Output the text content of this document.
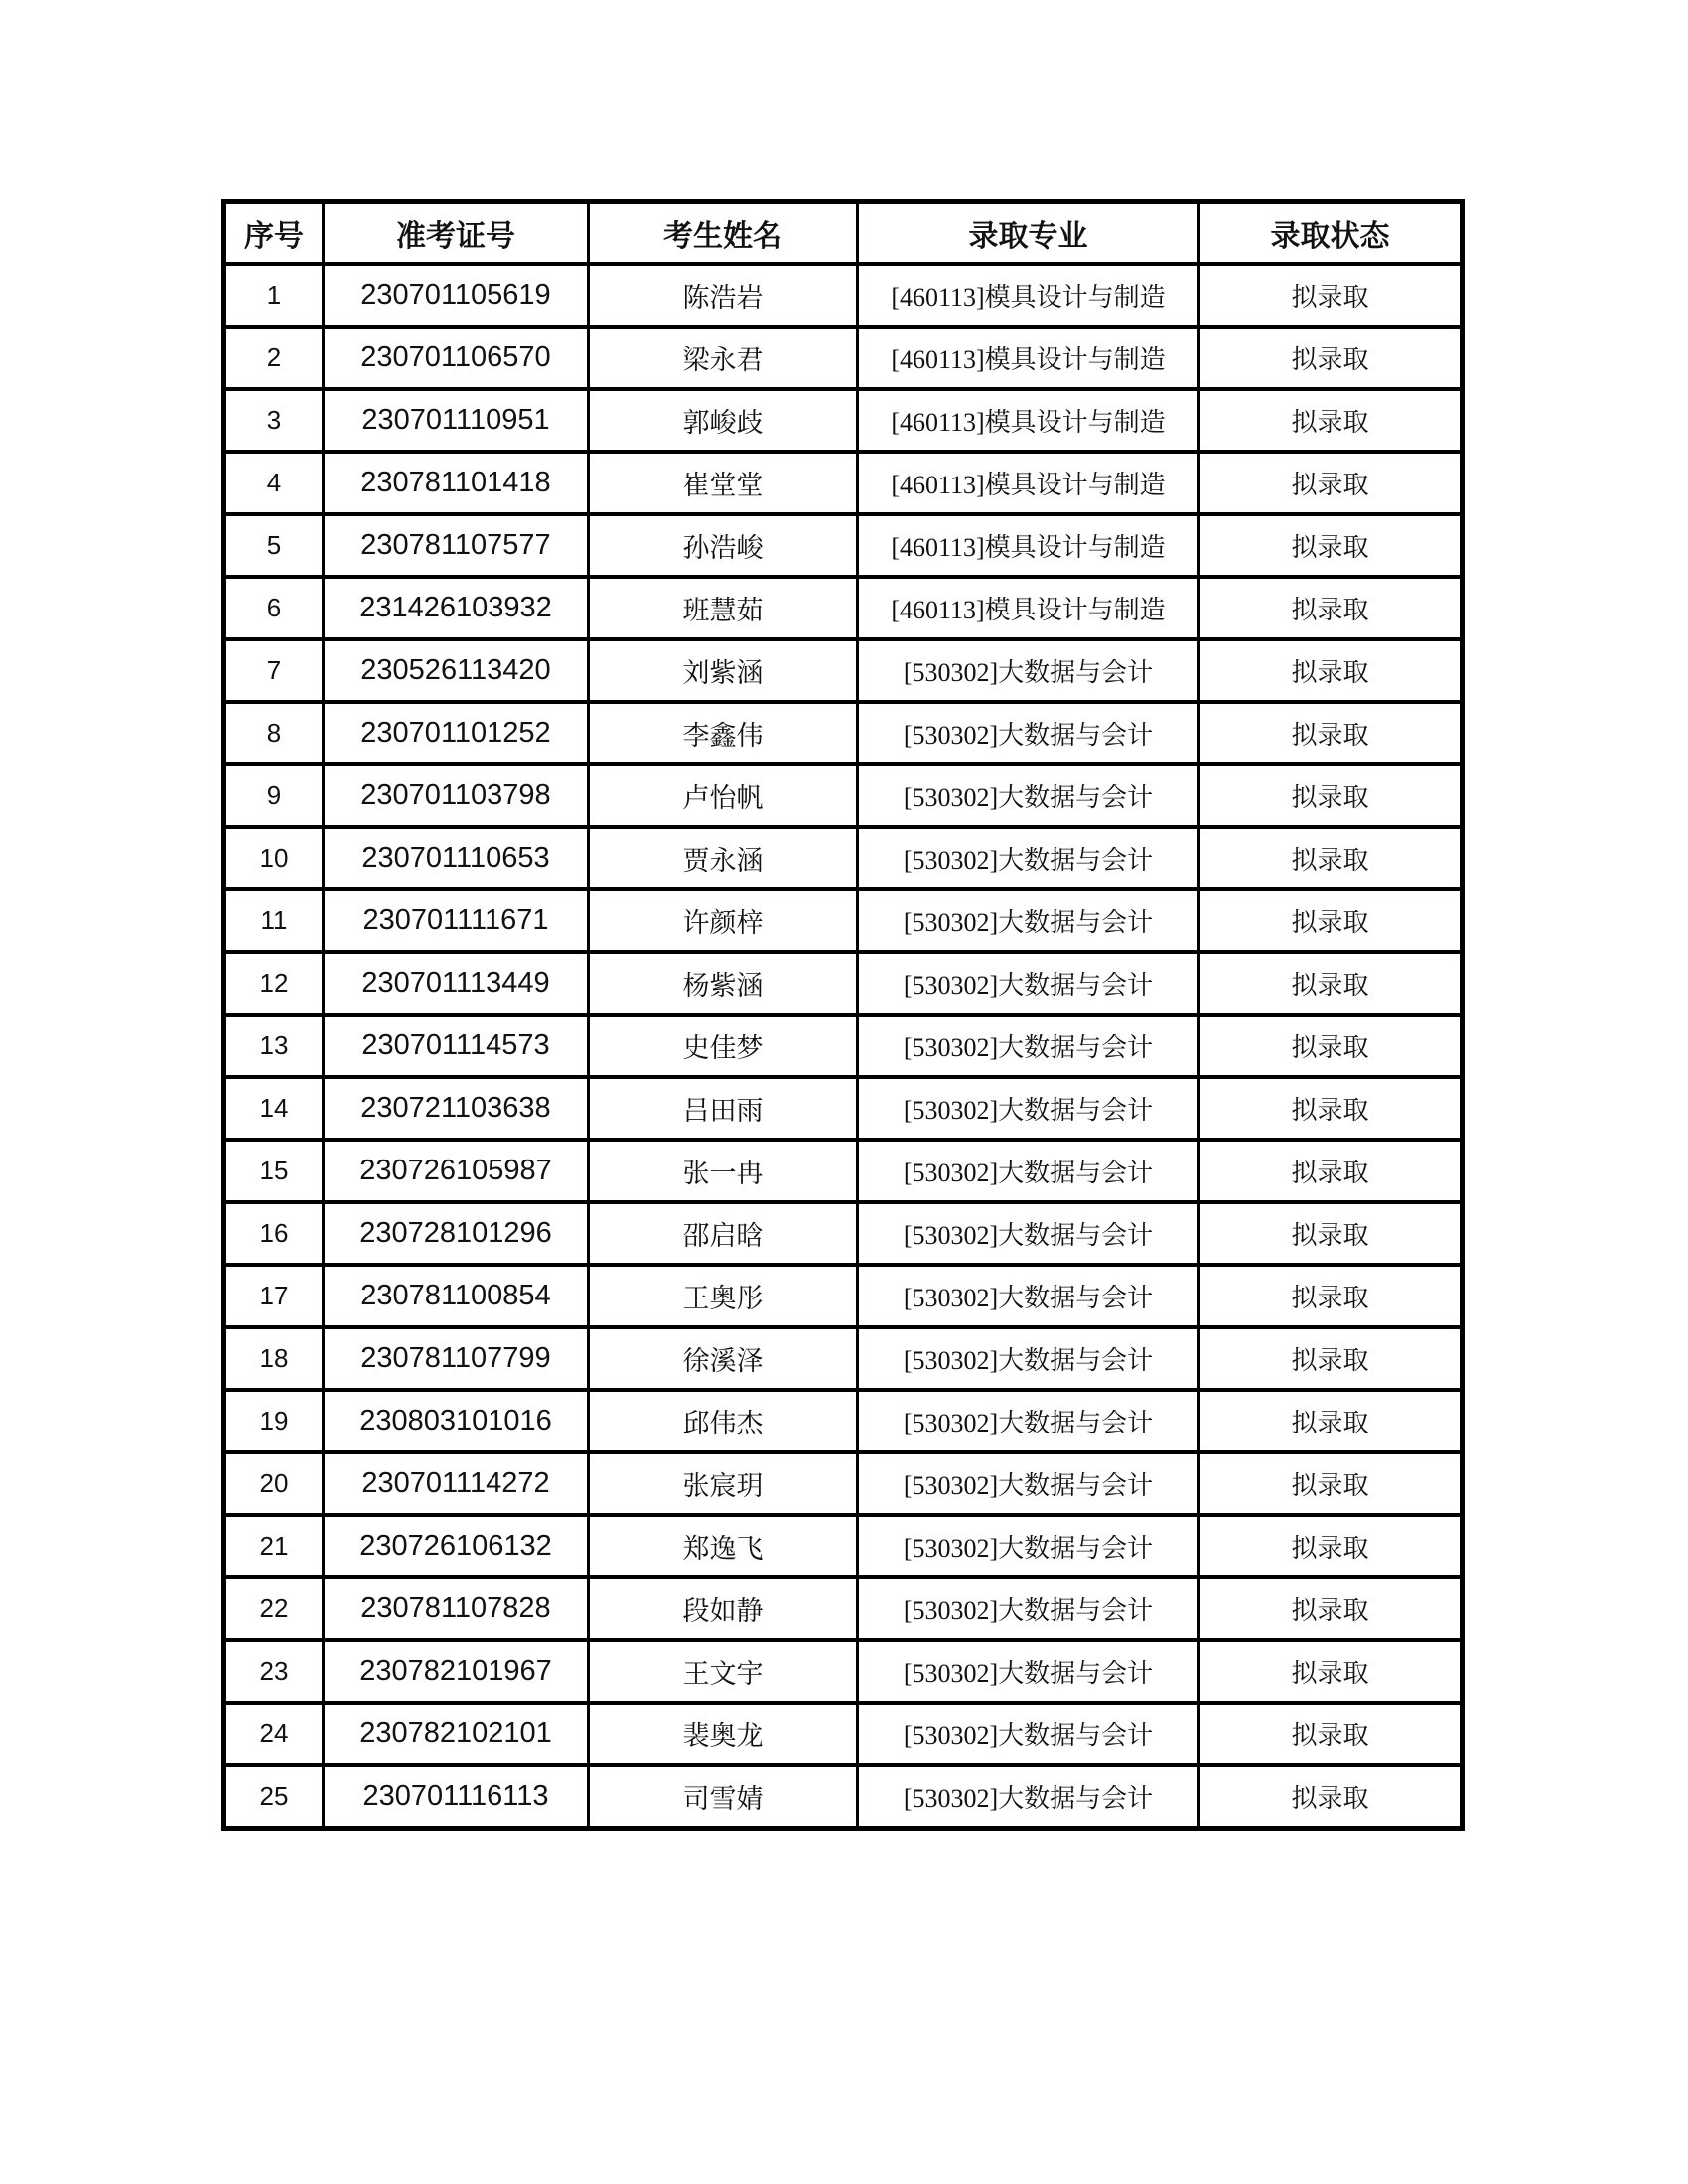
序号	准考证号	考生姓名	录取专业	录取状态
1	230701105619	陈浩岩	[460113]模具设计与制造	拟录取
2	230701106570	梁永君	[460113]模具设计与制造	拟录取
3	230701110951	郭峻歧	[460113]模具设计与制造	拟录取
4	230781101418	崔堂堂	[460113]模具设计与制造	拟录取
5	230781107577	孙浩峻	[460113]模具设计与制造	拟录取
6	231426103932	班慧茹	[460113]模具设计与制造	拟录取
7	230526113420	刘紫涵	[530302]大数据与会计	拟录取
8	230701101252	李鑫伟	[530302]大数据与会计	拟录取
9	230701103798	卢怡帆	[530302]大数据与会计	拟录取
10	230701110653	贾永涵	[530302]大数据与会计	拟录取
11	230701111671	许颜梓	[530302]大数据与会计	拟录取
12	230701113449	杨紫涵	[530302]大数据与会计	拟录取
13	230701114573	史佳梦	[530302]大数据与会计	拟录取
14	230721103638	吕田雨	[530302]大数据与会计	拟录取
15	230726105987	张一冉	[530302]大数据与会计	拟录取
16	230728101296	邵启晗	[530302]大数据与会计	拟录取
17	230781100854	王奥彤	[530302]大数据与会计	拟录取
18	230781107799	徐溪泽	[530302]大数据与会计	拟录取
19	230803101016	邱伟杰	[530302]大数据与会计	拟录取
20	230701114272	张宸玥	[530302]大数据与会计	拟录取
21	230726106132	郑逸飞	[530302]大数据与会计	拟录取
22	230781107828	段如静	[530302]大数据与会计	拟录取
23	230782101967	王文宇	[530302]大数据与会计	拟录取
24	230782102101	裴奥龙	[530302]大数据与会计	拟录取
25	230701116113	司雪婧	[530302]大数据与会计	拟录取
